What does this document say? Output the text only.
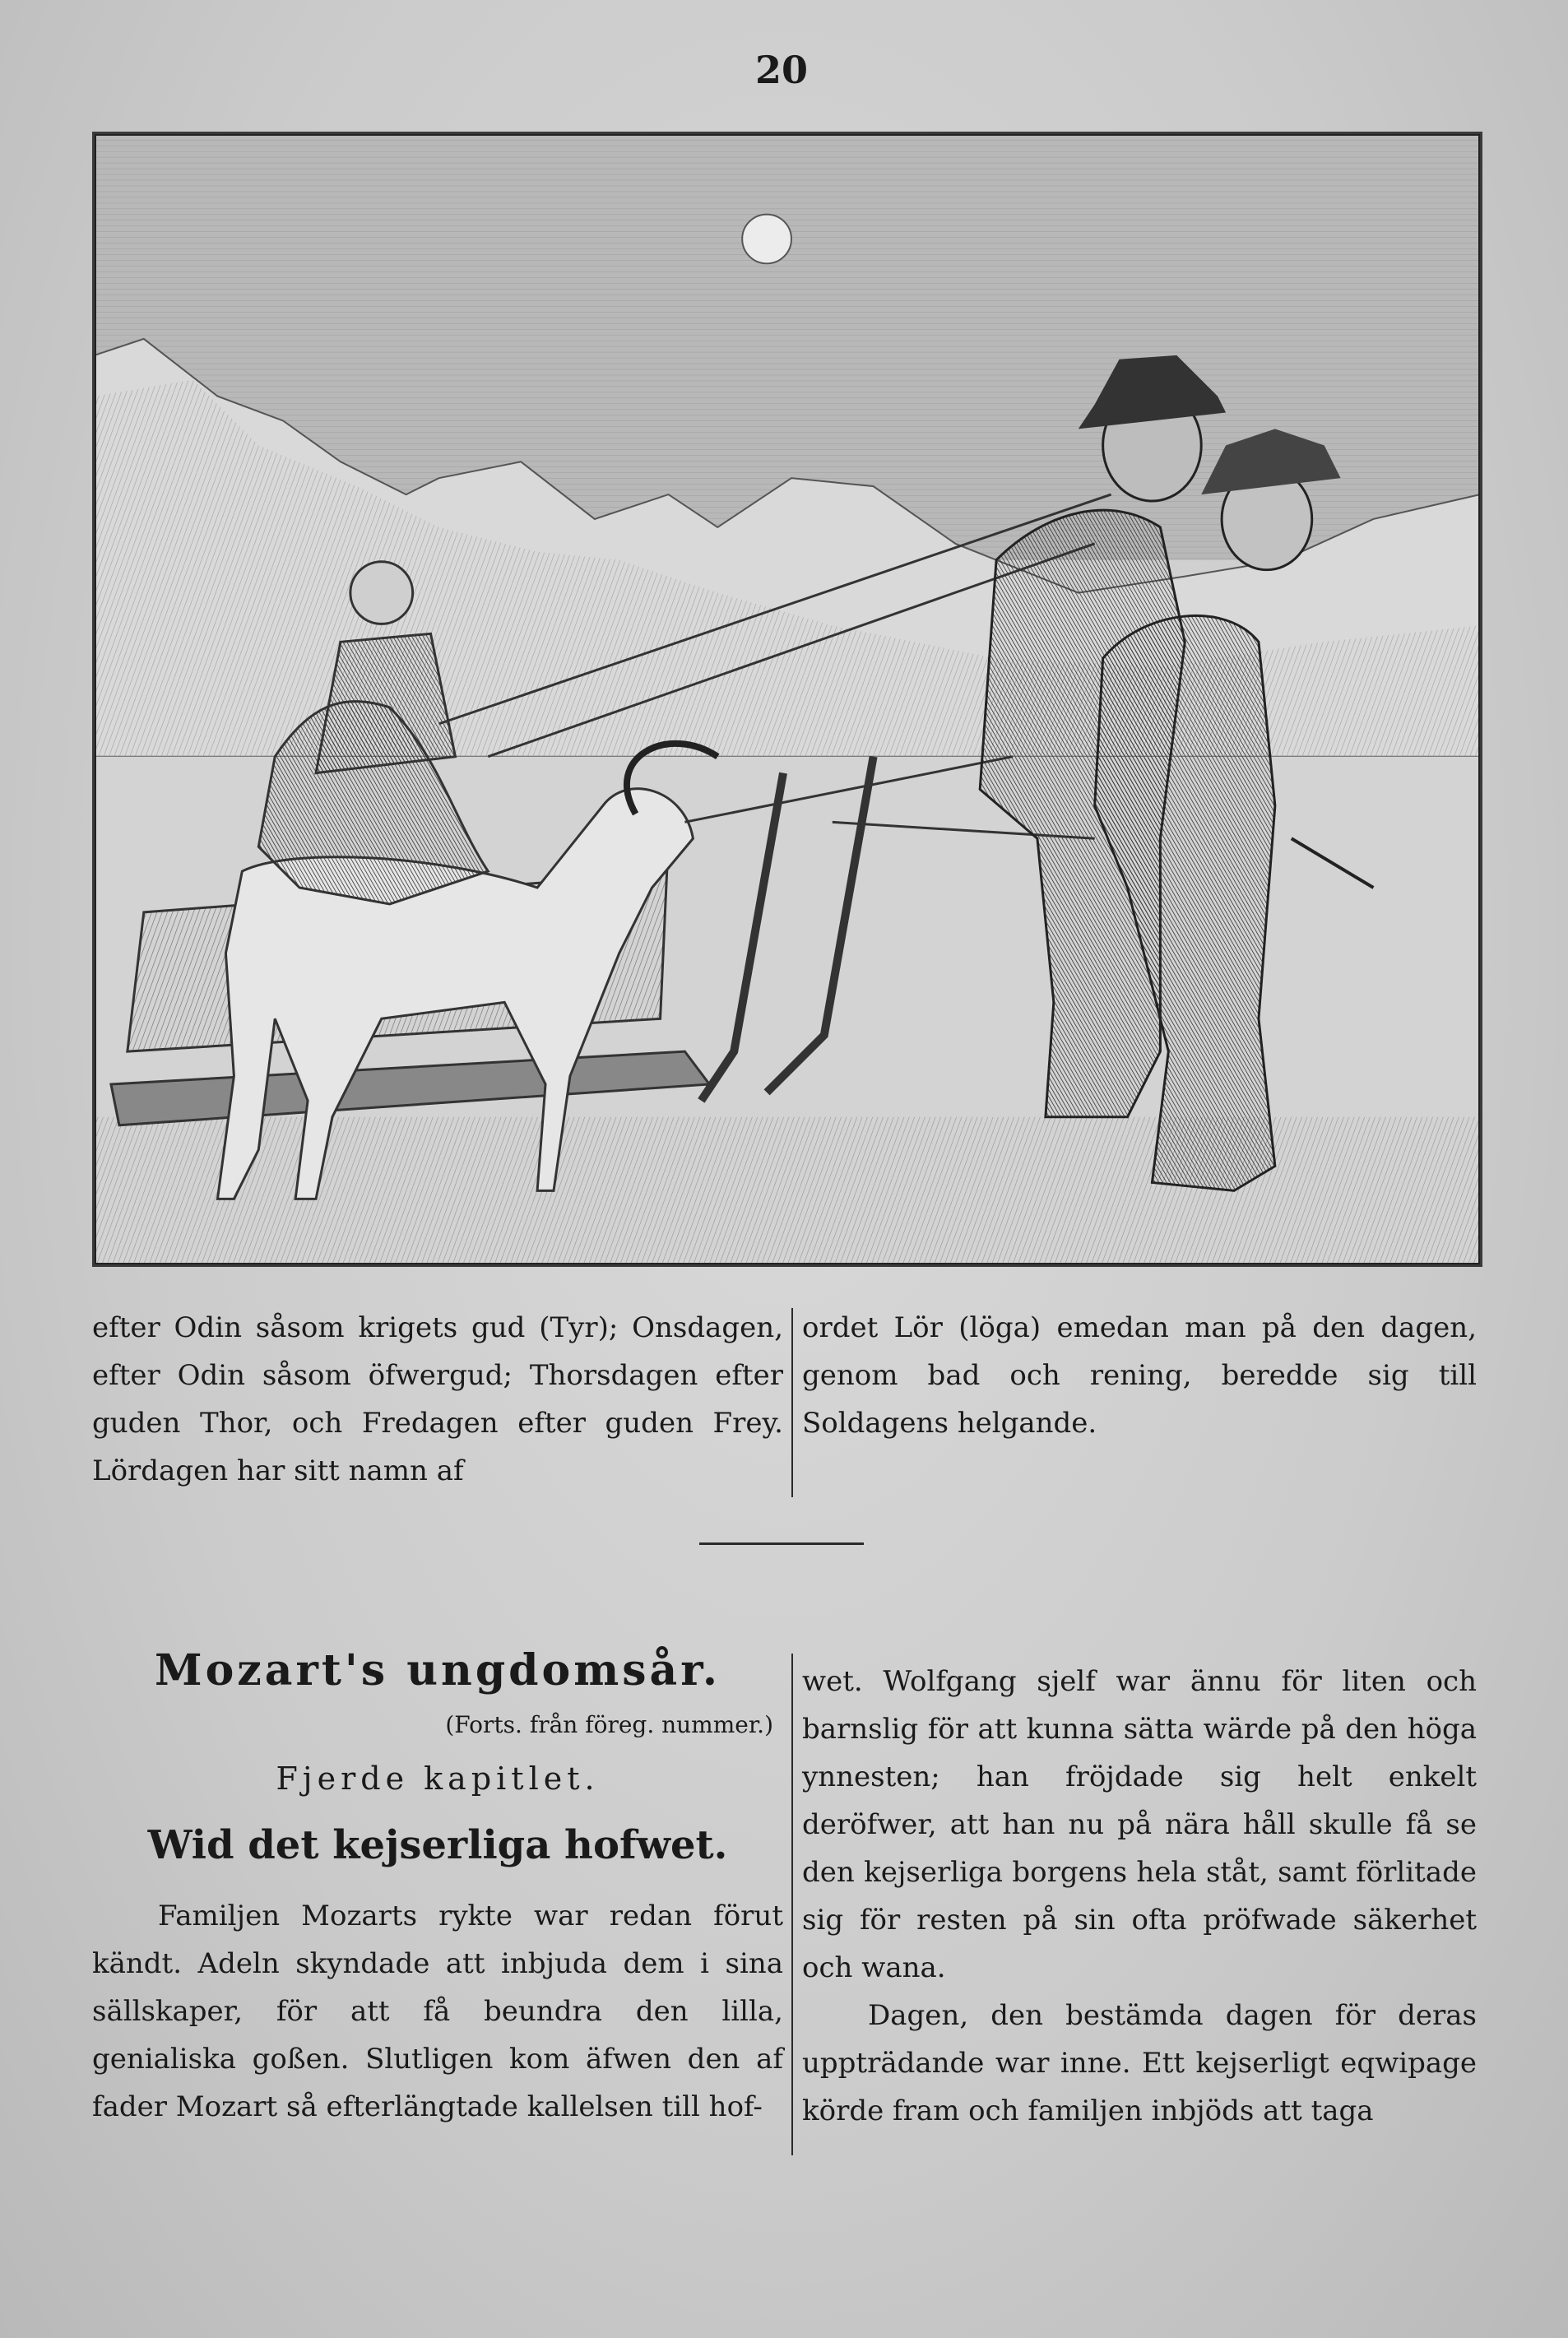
20

efter Odin såsom krigets gud (Tyr); Onsdagen, efter Odin såsom öfwergud; Thorsdagen efter guden Thor, och Fredagen efter guden Frey. Lördagen har sitt namn af

ordet Lör (löga) emedan man på den dagen, genom bad och rening, beredde sig till Soldagens helgande.

Mozart's ungdomsår.
(Forts. från föreg. nummer.)
Fjerde kapitlet.
Wid det kejserliga hofwet.

Familjen Mozarts rykte war redan förut kändt. Adeln skyndade att inbjuda dem i sina sällskaper, för att få beundra den lilla, genialiska goßen. Slutligen kom äfwen den af fader Mozart så efterlängtade kallelsen till hof-

wet. Wolfgang sjelf war ännu för liten och barnslig för att kunna sätta wärde på den höga ynnesten; han fröjdade sig helt enkelt deröfwer, att han nu på nära håll skulle få se den kejserliga borgens hela ståt, samt förlitade sig för resten på sin ofta pröfwade säkerhet och wana.

Dagen, den bestämda dagen för deras uppträdande war inne. Ett kejserligt eqwipage körde fram och familjen inbjöds att taga
